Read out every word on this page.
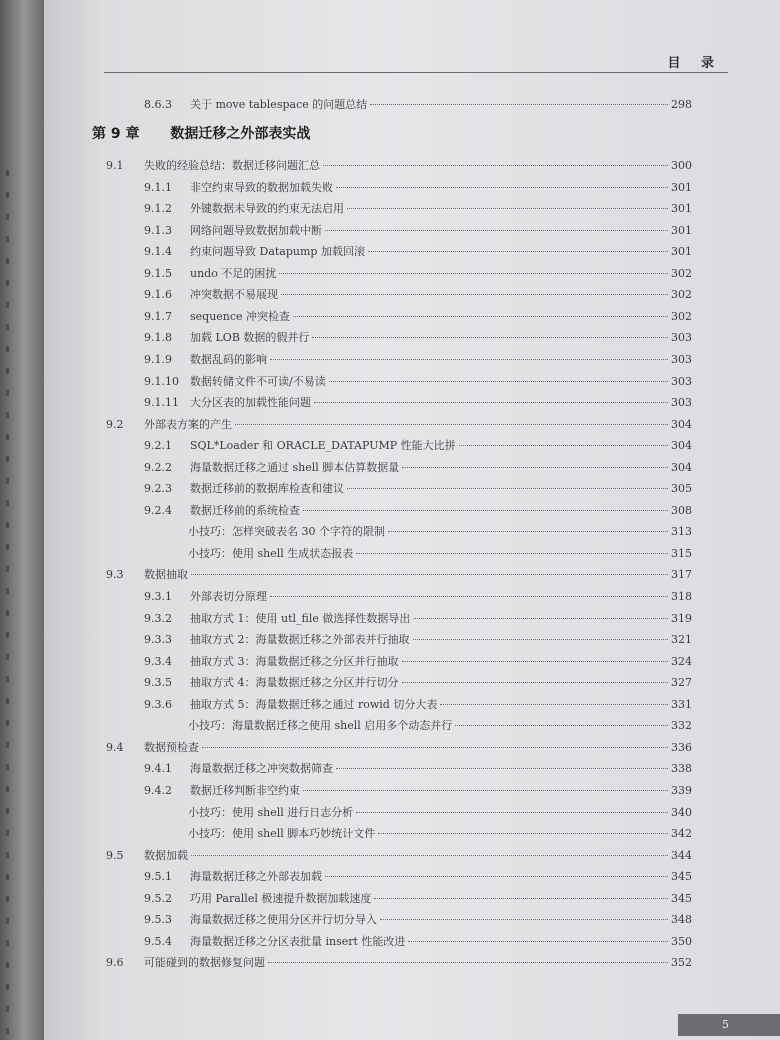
目 录
8.6.3	关于 move tablespace 的问题总结	298
第 9 章 数据迁移之外部表实战
9.1	失败的经验总结：数据迁移问题汇总	300
9.1.1	非空约束导致的数据加载失败	301
9.1.2	外键数据未导致的约束无法启用	301
9.1.3	网络问题导致数据加载中断	301
9.1.4	约束问题导致 Datapump 加载回滚	301
9.1.5	undo 不足的困扰	302
9.1.6	冲突数据不易展现	302
9.1.7	sequence 冲突检查	302
9.1.8	加载 LOB 数据的假并行	303
9.1.9	数据乱码的影响	303
9.1.10 数据转储文件不可读/不易读	303
9.1.11 大分区表的加载性能问题	303
9.2	外部表方案的产生	304
9.2.1	SQL*Loader 和 ORACLE_DATAPUMP 性能大比拼	304
9.2.2	海量数据迁移之通过 shell 脚本估算数据量	304
9.2.3	数据迁移前的数据库检查和建议	305
9.2.4	数据迁移前的系统检查	308
小技巧：怎样突破表名 30 个字符的限制	313
小技巧：使用 shell 生成状态报表	315
9.3	数据抽取	317
9.3.1	外部表切分原理	318
9.3.2	抽取方式 1：使用 utl_file 做选择性数据导出	319
9.3.3	抽取方式 2：海量数据迁移之外部表并行抽取	321
9.3.4	抽取方式 3：海量数据迁移之分区并行抽取	324
9.3.5	抽取方式 4：海量数据迁移之分区并行切分	327
9.3.6	抽取方式 5：海量数据迁移之通过 rowid 切分大表	331
小技巧：海量数据迁移之使用 shell 启用多个动态并行	332
9.4	数据预检查	336
9.4.1	海量数据迁移之冲突数据筛查	338
9.4.2	数据迁移判断非空约束	339
小技巧：使用 shell 进行日志分析	340
小技巧：使用 shell 脚本巧妙统计文件	342
9.5	数据加载	344
9.5.1	海量数据迁移之外部表加载	345
9.5.2	巧用 Parallel 极速提升数据加载速度	345
9.5.3	海量数据迁移之使用分区并行切分导入	348
9.5.4	海量数据迁移之分区表批量 insert 性能改进	350
9.6	可能碰到的数据修复问题	352
5
